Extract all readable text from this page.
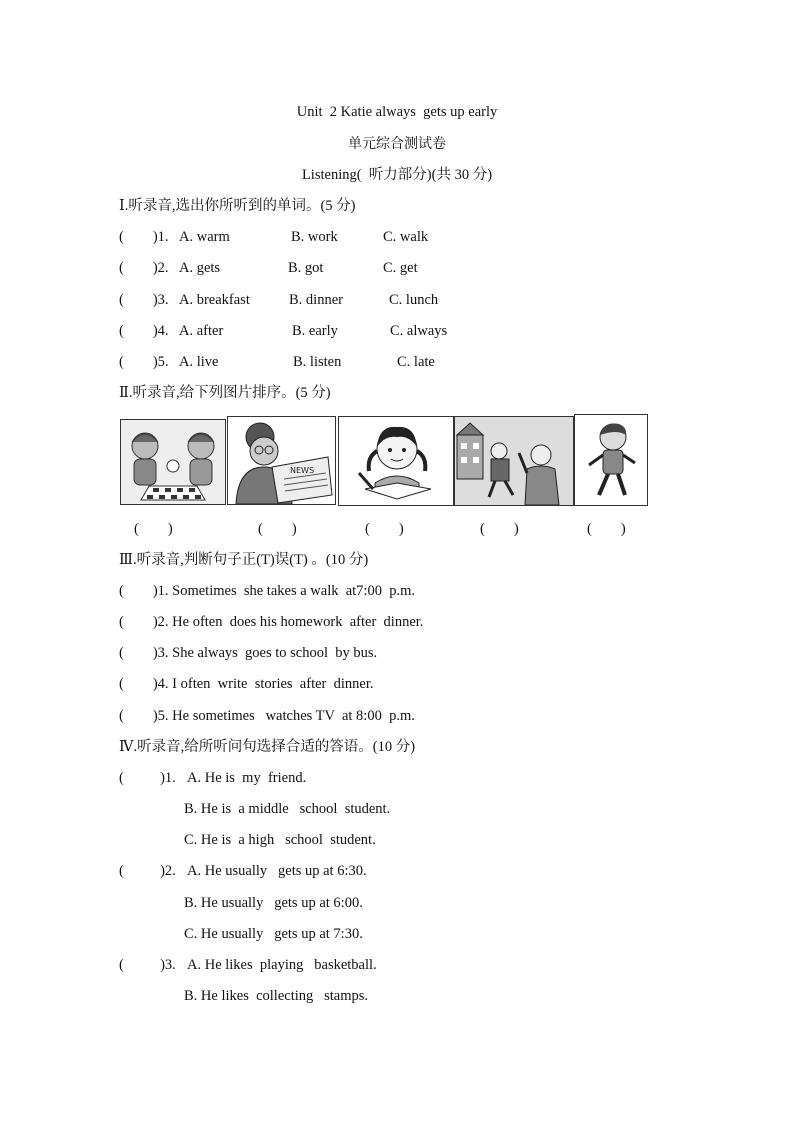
Unit  2 Katie always  gets up early
单元综合测试卷
Listening(  听力部分)(共 30 分)
Ⅰ.听录音,选出你所听到的单词。(5 分)
(        )1. A. warm	B. work	C. walk
(        )2. A. gets	B. got	C. get
(        )3. A. breakfast	B. dinner	C. lunch
(        )4. A. after	B. early	C. always
(        )5. A. live	B. listen	C. late
Ⅱ.听录音,给下列图片排序。(5 分)
NEWS
(        )	(        )	(        )	(        )	(        )
Ⅲ.听录音,判断句子正(T)误(T) 。(10 分)
(        )1. Sometimes  she takes a walk  at7:00  p.m.
(        )2. He often  does his homework  after  dinner.
(        )3. She always  goes to school  by bus.
(        )4. I often  write  stories  after  dinner.
(        )5. He sometimes   watches TV  at 8:00  p.m.
Ⅳ.听录音,给所听问句选择合适的答语。(10 分)
(          )1. A. He is  my  friend.
B. He is  a middle   school  student.
C. He is  a high   school  student.
(          )2. A. He usually   gets up at 6:30.
B. He usually   gets up at 6:00.
C. He usually   gets up at 7:30.
(          )3. A. He likes  playing   basketball.
B. He likes  collecting   stamps.
